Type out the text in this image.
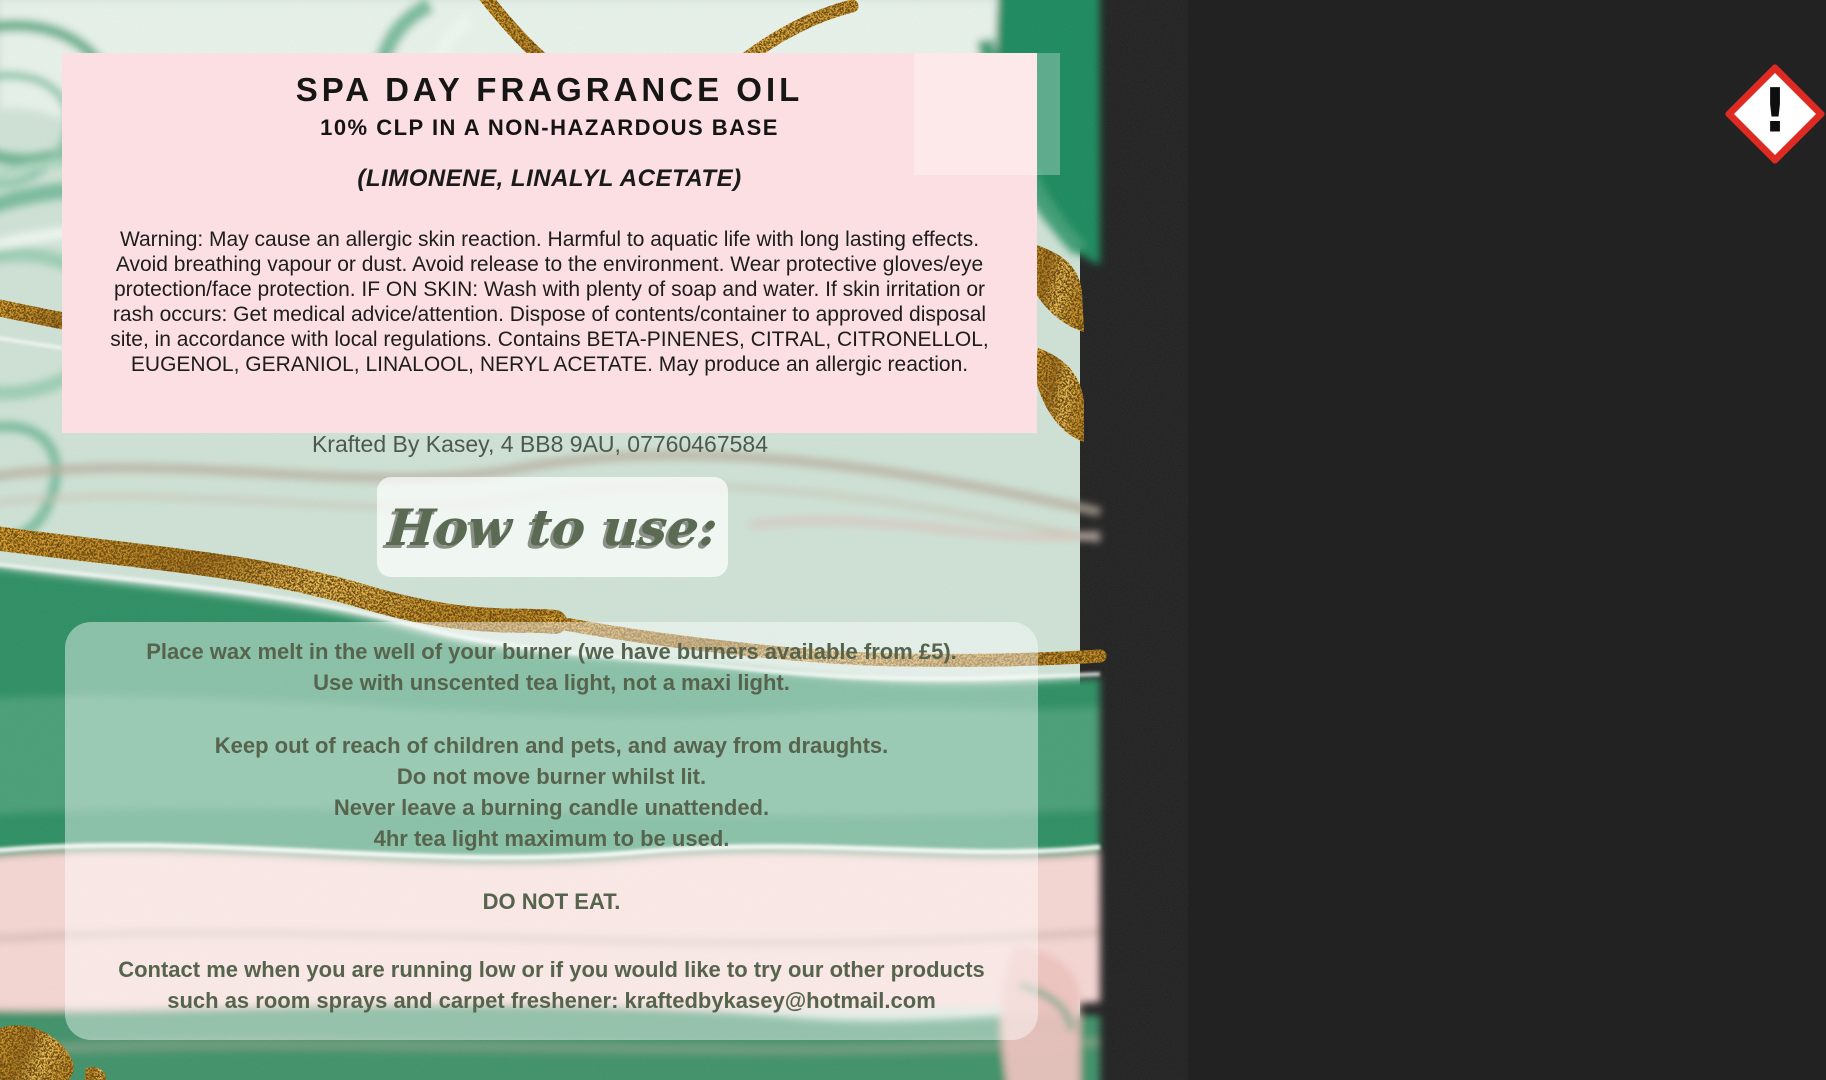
SPA DAY FRAGRANCE OIL
10% CLP IN A NON-HAZARDOUS BASE

(LIMONENE, LINALYL ACETATE)

Warning: May cause an allergic skin reaction. Harmful to aquatic life with long lasting effects. Avoid breathing vapour or dust. Avoid release to the environment. Wear protective gloves/eye protection/face protection. IF ON SKIN: Wash with plenty of soap and water. If skin irritation or rash occurs: Get medical advice/attention. Dispose of contents/container to approved disposal site, in accordance with local regulations. Contains BETA-PINENES, CITRAL, CITRONELLOL, EUGENOL, GERANIOL, LINALOOL, NERYL ACETATE. May produce an allergic reaction.

!

Krafted By Kasey, 4 BB8 9AU, 07760467584

How to use:

Place wax melt in the well of your burner (we have burners available from £5).
Use with unscented tea light, not a maxi light.

Keep out of reach of children and pets, and away from draughts.
Do not move burner whilst lit.
Never leave a burning candle unattended.
4hr tea light maximum to be used.

DO NOT EAT.

Contact me when you are running low or if you would like to try our other products
such as room sprays and carpet freshener: kraftedbykasey@hotmail.com
